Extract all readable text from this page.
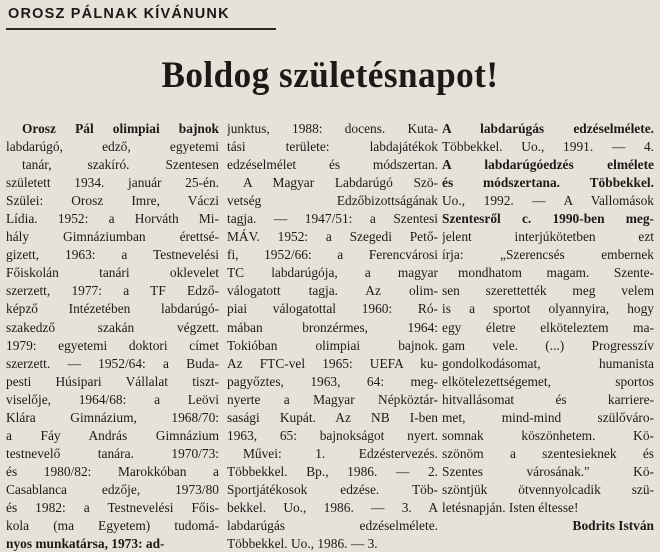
OROSZ PÁLNAK KÍVÁNUNK
Boldog születésnapot!
Orosz Pál olimpiai bajnok
labdarúgó, edző, egyetemi
tanár, szakíró. Szentesen
született 1934. január 25-én.
Szülei: Orosz Imre, Váczi
Lídia. 1952: a Horváth Mi-
hály Gimnáziumban érettsé-
gizett, 1963: a Testnevelési
Főiskolán tanári oklevelet
szerzett, 1977: a TF Edző-
képző Intézetében labdarúgó-
szakedző szakán végzett.
1979: egyetemi doktori címet
szerzett. — 1952/64: a Buda-
pesti Húsipari Vállalat tiszt-
viselője, 1964/68: a Leövi
Klára Gimnázium, 1968/70:
a Fáy András Gimnázium
testnevelő tanára. 1970/73:
és 1980/82: Marokkóban a
Casablanca edzője, 1973/80
és 1982: a Testnevelési Főis-
kola (ma Egyetem) tudomá-
nyos munkatársa, 1973: ad-
junktus, 1988: docens. Kuta-
tási területe: labdajátékok
edzéselmélet és módszertan.
A Magyar Labdarúgó Szö-
vetség Edzőbizottságának
tagja. — 1947/51: a Szentesi
MÁV. 1952: a Szegedi Pető-
fi, 1952/66: a Ferencvárosi
TC labdarúgója, a magyar
válogatott tagja. Az olim-
piai válogatottal 1960: Ró-
mában bronzérmes, 1964:
Tokióban olimpiai bajnok.
Az FTC-vel 1965: UEFA ku-
pagyőztes, 1963, 64: meg-
nyerte a Magyar Népköztár-
sasági Kupát. Az NB I-ben
1963, 65: bajnokságot nyert.
Művei: 1. Edzéstervezés.
Többekkel. Bp., 1986. — 2.
Sportjátékosok edzése. Töb-
bekkel. Uo., 1986. — 3. A
labdarúgás edzéselmélete.
Többekkel. Uo., 1986. — 3.
A labdarúgás edzéselmélete.
Többekkel. Uo., 1991. — 4.
A labdarúgóedzés elmélete
és módszertana. Többekkel.
Uo., 1992. — A Vallomások
Szentesről c. 1990-ben meg-
jelent interjúkötetben ezt
írja: „Szerencsés embernek
mondhatom magam. Szente-
sen szerettették meg velem
is a sportot olyannyira, hogy
egy életre elköteleztem ma-
gam vele. (...) Progresszív
gondolkodásomat, humanista
elkötelezettségemet, sportos
hitvallásomat és karriere-
met, mind-mind szülőváro-
somnak köszönhetem. Kö-
szönöm a szentesieknek és
Szentes városának." Kö-
szöntjük ötvennyolcadik szü-
letésnapján. Isten éltesse!
Bodrits István
